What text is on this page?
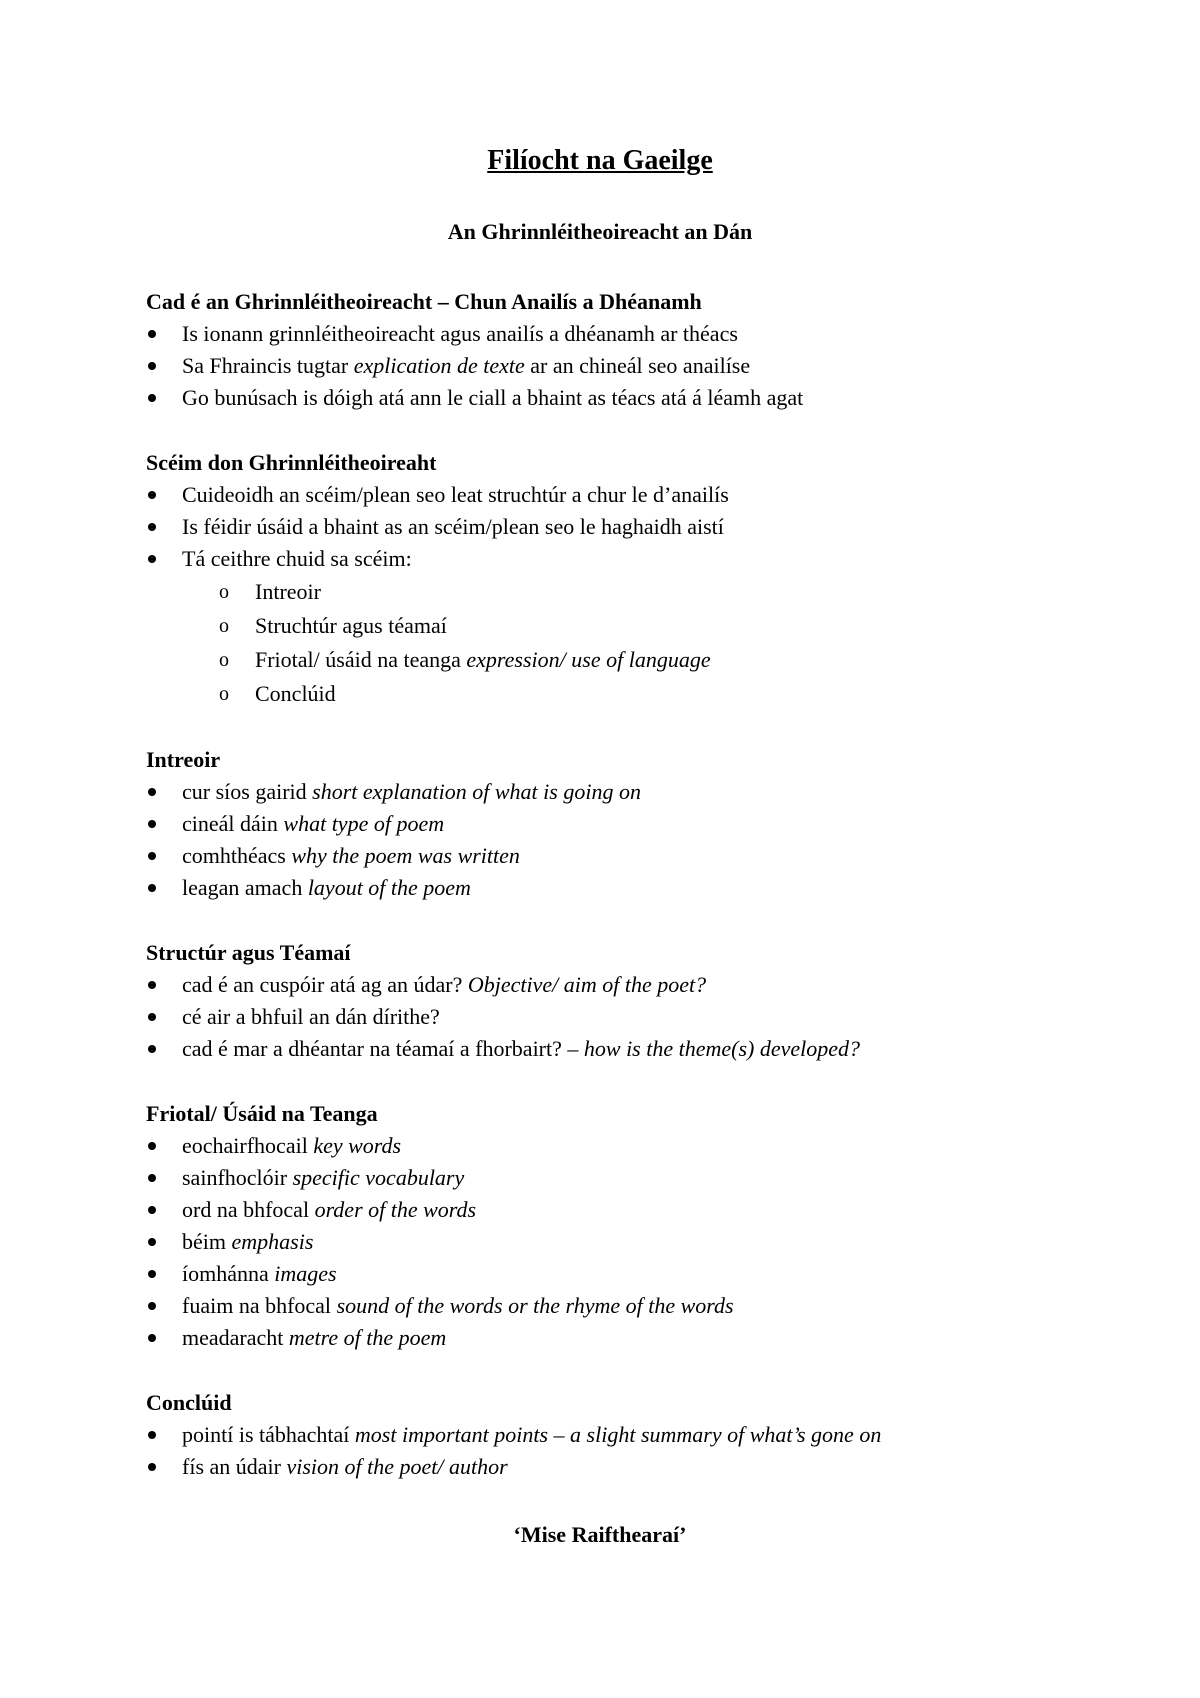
Filíocht na Gaeilge
An Ghrinnléitheoireacht an Dán

Cad é an Ghrinnléitheoireacht – Chun Anailís a Dhéanamh

Is ionann grinnléitheoireacht agus anailís a dhéanamh ar théacs
Sa Fhraincis tugtar explication de texte ar an chineál seo anailíse
Go bunúsach is dóigh atá ann le ciall a bhaint as téacs atá á léamh agat

Scéim don Ghrinnléitheoireaht

Cuideoidh an scéim/plean seo leat struchtúr a chur le d’anailís
Is féidir úsáid a bhaint as an scéim/plean seo le haghaidh aistí
Tá ceithre chuid sa scéim:
o Intreoir
o Struchtúr agus téamaí
o Friotal/ úsáid na teanga expression/ use of language
o Conclúid

Intreoir

cur síos gairid short explanation of what is going on
cineál dáin what type of poem
comhthéacs why the poem was written
leagan amach layout of the poem

Structúr agus Téamaí

cad é an cuspóir atá ag an údar? Objective/ aim of the poet?
cé air a bhfuil an dán dírithe?
cad é mar a dhéantar na téamaí a fhorbairt? – how is the theme(s) developed?

Friotal/ Úsáid na Teanga

eochairfhocail key words
sainfhoclóir specific vocabulary
ord na bhfocal order of the words
béim emphasis
íomhánna images
fuaim na bhfocal sound of the words or the rhyme of the words
meadaracht metre of the poem

Conclúid

pointí is tábhachtaí most important points – a slight summary of what’s gone on
fís an údair vision of the poet/ author

‘Mise Raifthearaí’
